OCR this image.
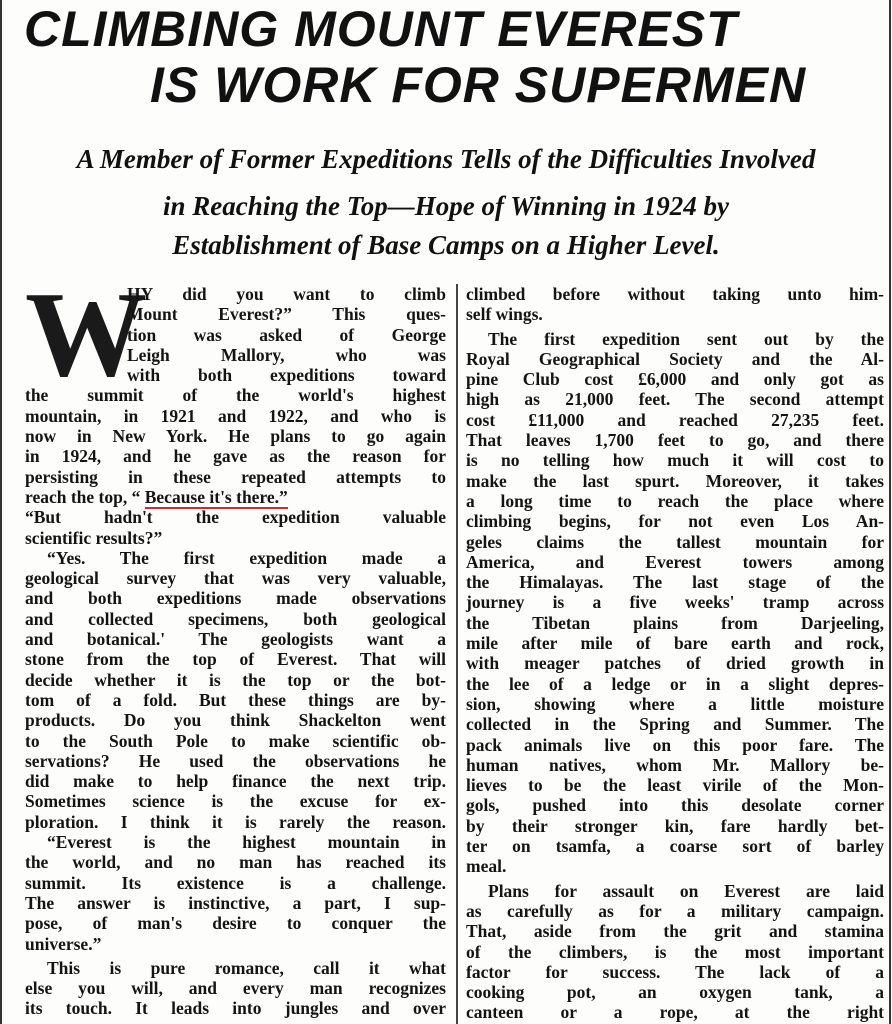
CLIMBING MOUNT EVEREST
IS WORK FOR SUPERMEN
A Member of Former Expeditions Tells of the Difficulties Involved
in Reaching the Top—Hope of Winning in 1924 by
Establishment of Base Camps on a Higher Level.
W
HY did you want to climb
Mount Everest?” This ques-
tion was asked of George
Leigh Mallory, who was
with both expeditions toward
the summit of the world's highest
mountain, in 1921 and 1922, and who is
now in New York. He plans to go again
in 1924, and he gave as the reason for
persisting in these repeated attempts to
reach the top, “ Because it's there.”
“But hadn't the expedition valuable
scientific results?”
“Yes. The first expedition made a
geological survey that was very valuable,
and both expeditions made observations
and collected specimens, both geological
and botanical.' The geologists want a
stone from the top of Everest. That will
decide whether it is the top or the bot-
tom of a fold. But these things are by-
products. Do you think Shackelton went
to the South Pole to make scientific ob-
servations? He used the observations he
did make to help finance the next trip.
Sometimes science is the excuse for ex-
ploration. I think it is rarely the reason.
“Everest is the highest mountain in
the world, and no man has reached its
summit. Its existence is a challenge.
The answer is instinctive, a part, I sup-
pose, of man's desire to conquer the
universe.”
This is pure romance, call it what
else you will, and every man recognizes
its touch. It leads into jungles and over
climbed before without taking unto him-
self wings.
The first expedition sent out by the
Royal Geographical Society and the Al-
pine Club cost £6,000 and only got as
high as 21,000 feet. The second attempt
cost £11,000 and reached 27,235 feet.
That leaves 1,700 feet to go, and there
is no telling how much it will cost to
make the last spurt. Moreover, it takes
a long time to reach the place where
climbing begins, for not even Los An-
geles claims the tallest mountain for
America, and Everest towers among
the Himalayas. The last stage of the
journey is a five weeks' tramp across
the Tibetan plains from Darjeeling,
mile after mile of bare earth and rock,
with meager patches of dried growth in
the lee of a ledge or in a slight depres-
sion, showing where a little moisture
collected in the Spring and Summer. The
pack animals live on this poor fare. The
human natives, whom Mr. Mallory be-
lieves to be the least virile of the Mon-
gols, pushed into this desolate corner
by their stronger kin, fare hardly bet-
ter on tsamfa, a coarse sort of barley
meal.
Plans for assault on Everest are laid
as carefully as for a military campaign.
That, aside from the grit and stamina
of the climbers, is the most important
factor for success. The lack of a
cooking pot, an oxygen tank, a
canteen or a rope, at the right
